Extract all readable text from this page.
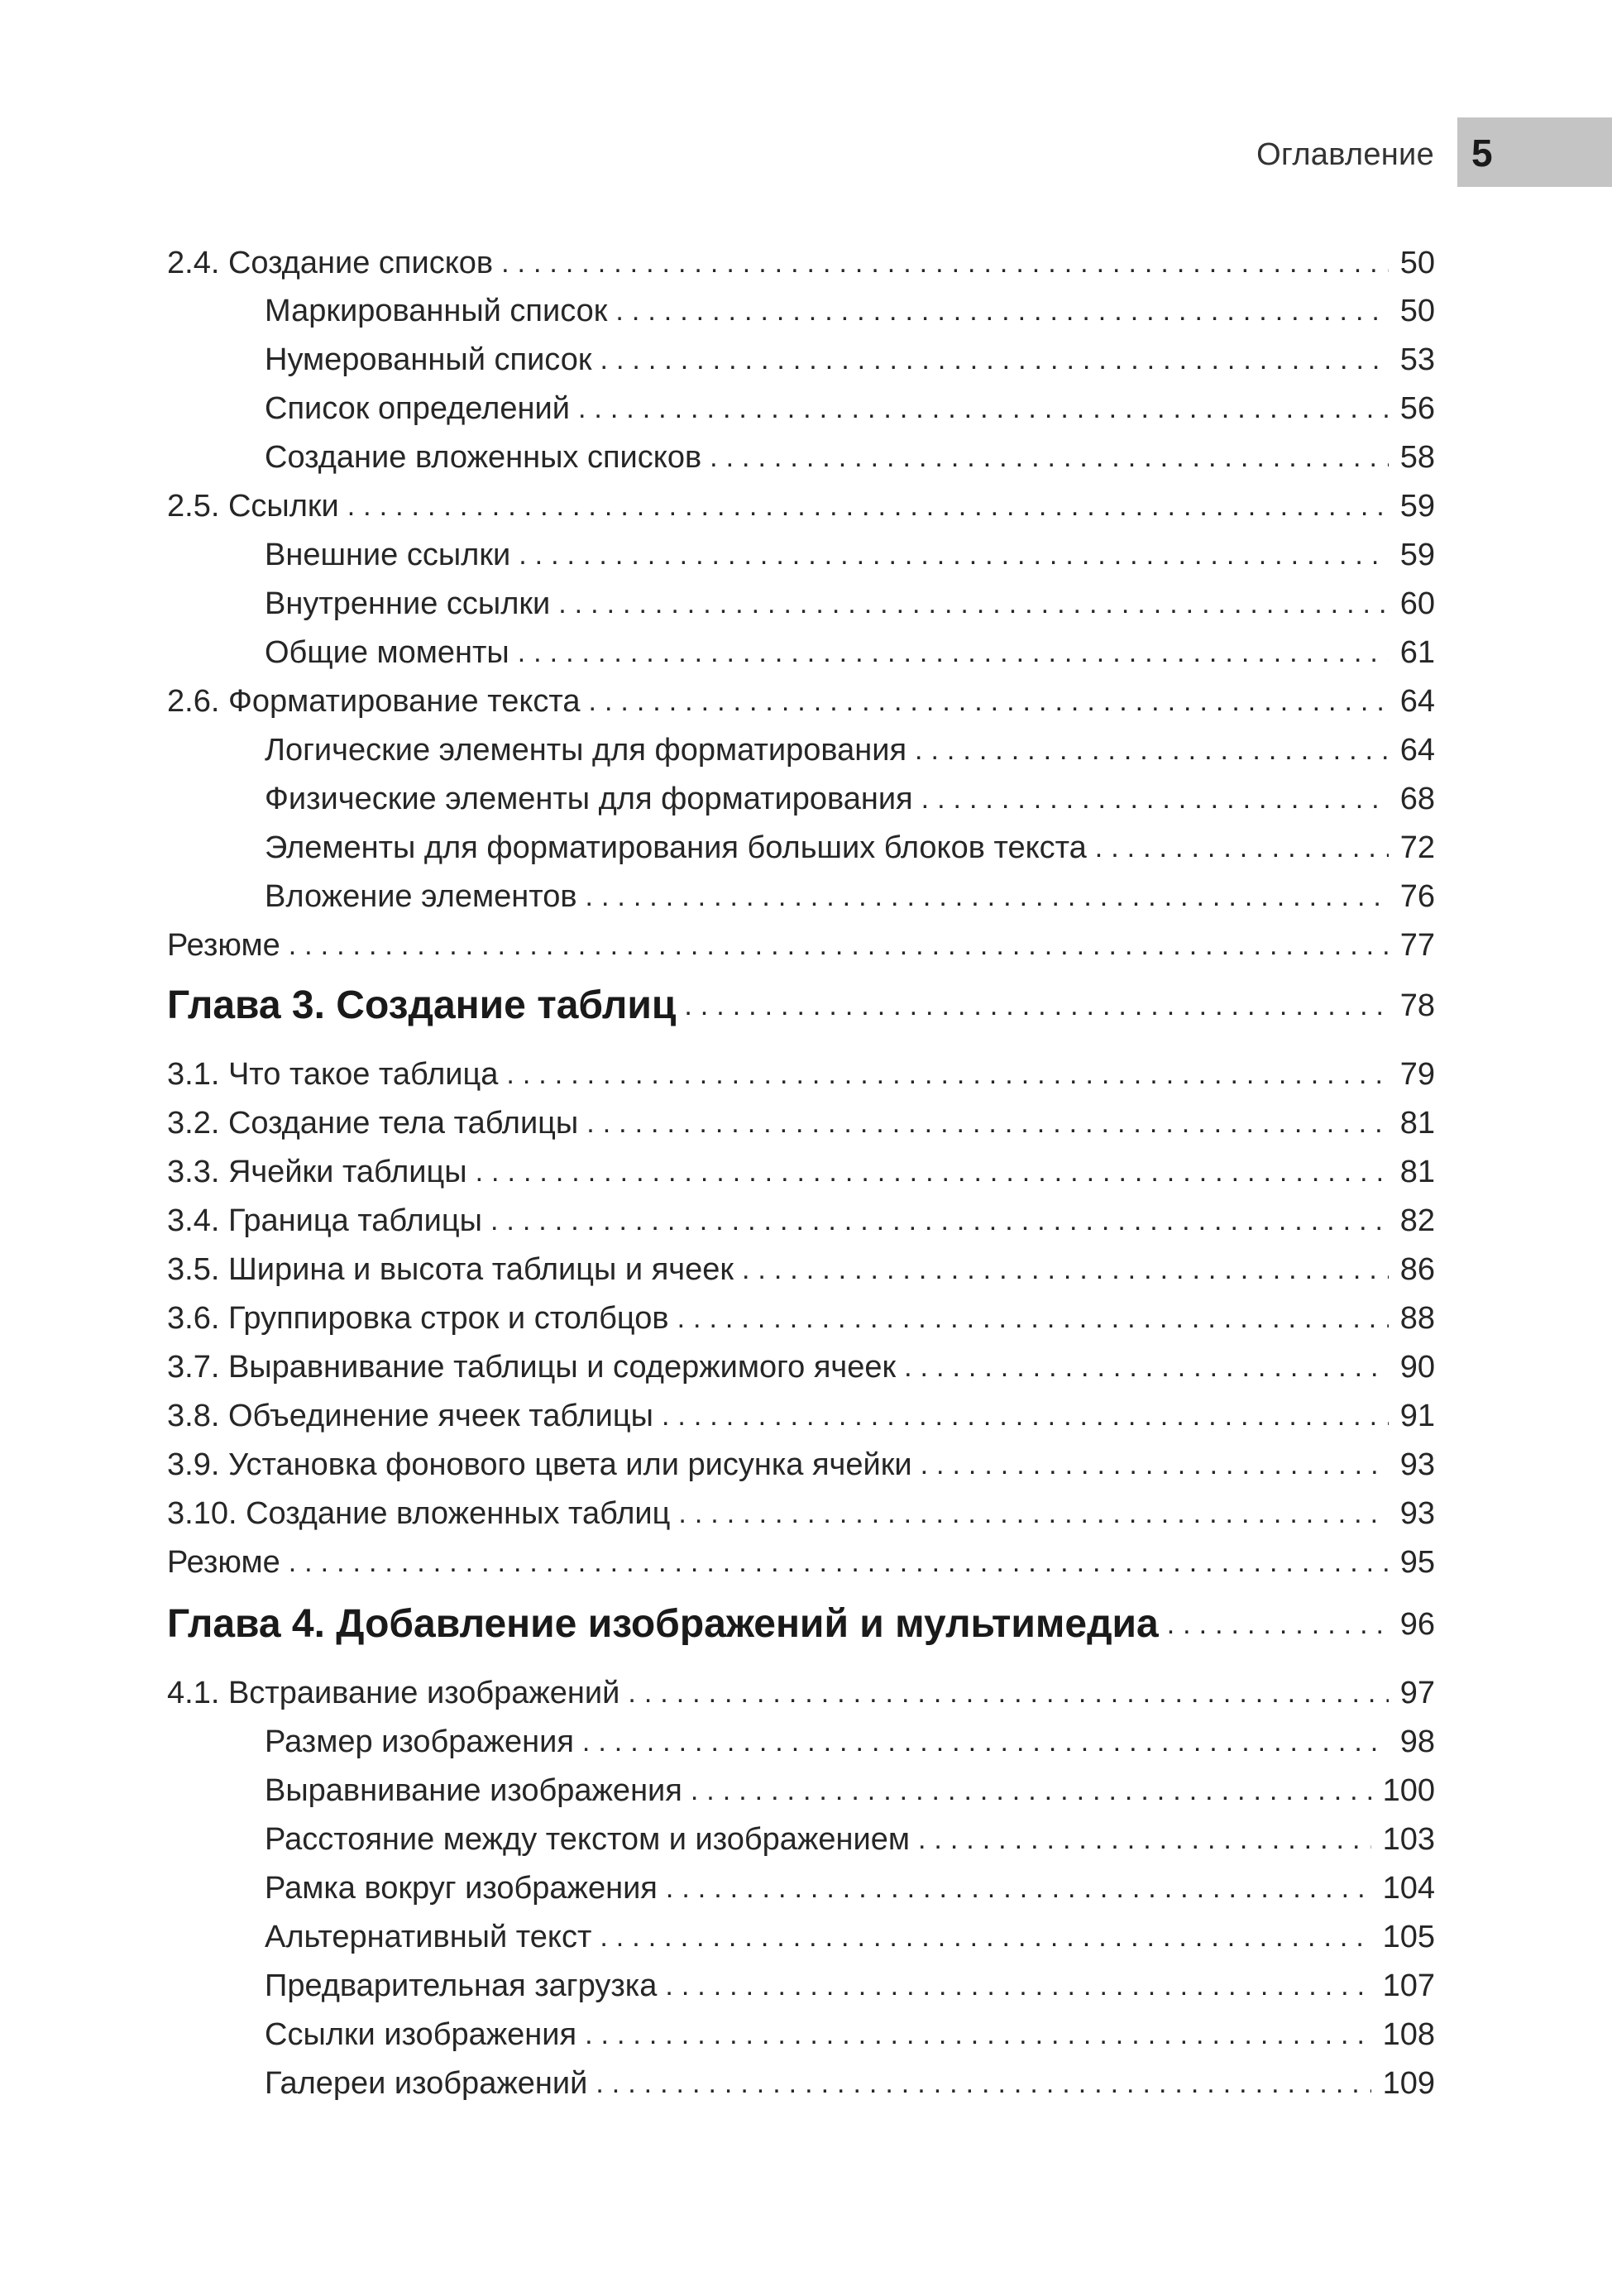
Оглавление 5
2.4. Создание списков .....	50
Маркированный список .....	50
Нумерованный список .....	53
Список определений .....	56
Создание вложенных списков .....	58
2.5. Ссылки .....	59
Внешние ссылки .....	59
Внутренние ссылки .....	60
Общие моменты .....	61
2.6. Форматирование текста .....	64
Логические элементы для форматирования .....	64
Физические элементы для форматирования .....	68
Элементы для форматирования больших блоков текста .....	72
Вложение элементов .....	76
Резюме .....	77
Глава 3. Создание таблиц .....	78
3.1. Что такое таблица .....	79
3.2. Создание тела таблицы .....	81
3.3. Ячейки таблицы .....	81
3.4. Граница таблицы .....	82
3.5. Ширина и высота таблицы и ячеек .....	86
3.6. Группировка строк и столбцов .....	88
3.7. Выравнивание таблицы и содержимого ячеек .....	90
3.8. Объединение ячеек таблицы .....	91
3.9. Установка фонового цвета или рисунка ячейки .....	93
3.10. Создание вложенных таблиц .....	93
Резюме .....	95
Глава 4. Добавление изображений и мультимедиа .....	96
4.1. Встраивание изображений .....	97
Размер изображения .....	98
Выравнивание изображения .....	100
Расстояние между текстом и изображением .....	103
Рамка вокруг изображения .....	104
Альтернативный текст .....	105
Предварительная загрузка .....	107
Ссылки изображения .....	108
Галереи изображений .....	109
